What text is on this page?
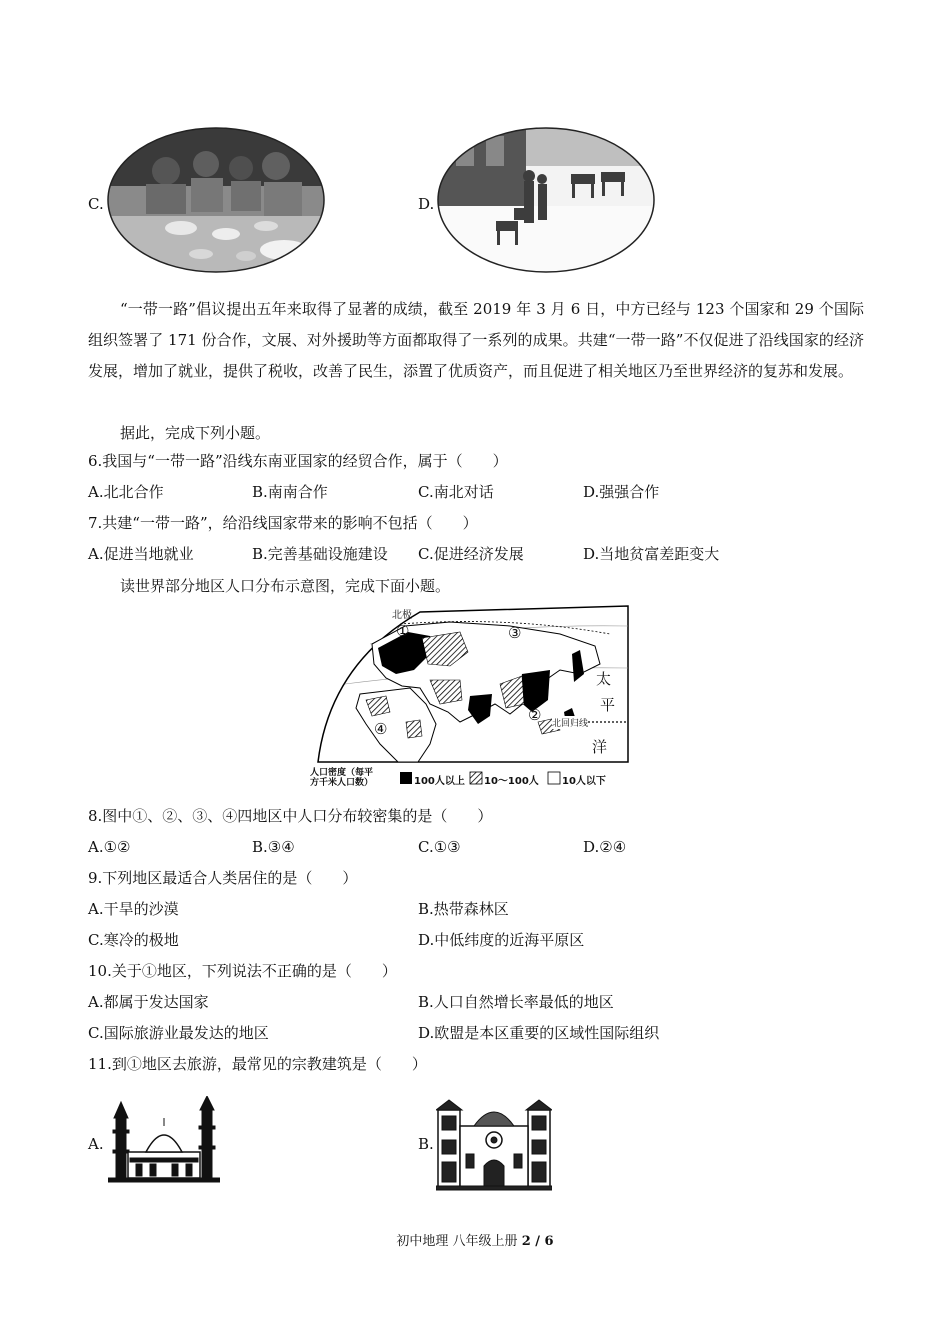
C.	D.
“一带一路”倡议提出五年来取得了显著的成绩，截至 2019 年 3 月 6 日，中方已经与 123 个国家和 29 个国际组织签署了 171 份合作，文展、对外援助等方面都取得了一系列的成果。共建“一带一路”不仅促进了沿线国家的经济发展，增加了就业，提供了税收，改善了民生，添置了优质资产，而且促进了相关地区乃至世界经济的复苏和发展。
据此，完成下列小题。
6.我国与“一带一路”沿线东南亚国家的经贸合作，属于（　　）
A.北北合作	B.南南合作	C.南北对话	D.强强合作
7.共建“一带一路”，给沿线国家带来的影响不包括（　　）
A.促进当地就业	B.完善基础设施建设 C.促进经济发展	D.当地贫富差距变大
读世界部分地区人口分布示意图，完成下面小题。
北极
①	③
②
④
太
平
洋
北回归线
人口密度（每平
方千米人口数）	100人以上 10～100人 10人以下
8.图中①、②、③、④四地区中人口分布较密集的是（　　）
A.①②	B.③④	C.①③	D.②④
9.下列地区最适合人类居住的是（　　）
A.干旱的沙漠	B.热带森林区
C.寒冷的极地	D.中低纬度的近海平原区
10.关于①地区，下列说法不正确的是（　　）
A.都属于发达国家	B.人口自然增长率最低的地区
C.国际旅游业最发达的地区	D.欧盟是本区重要的区域性国际组织
11.到①地区去旅游，最常见的宗教建筑是（　　）
A.	B.
初中地理 八年级上册 2 / 6
